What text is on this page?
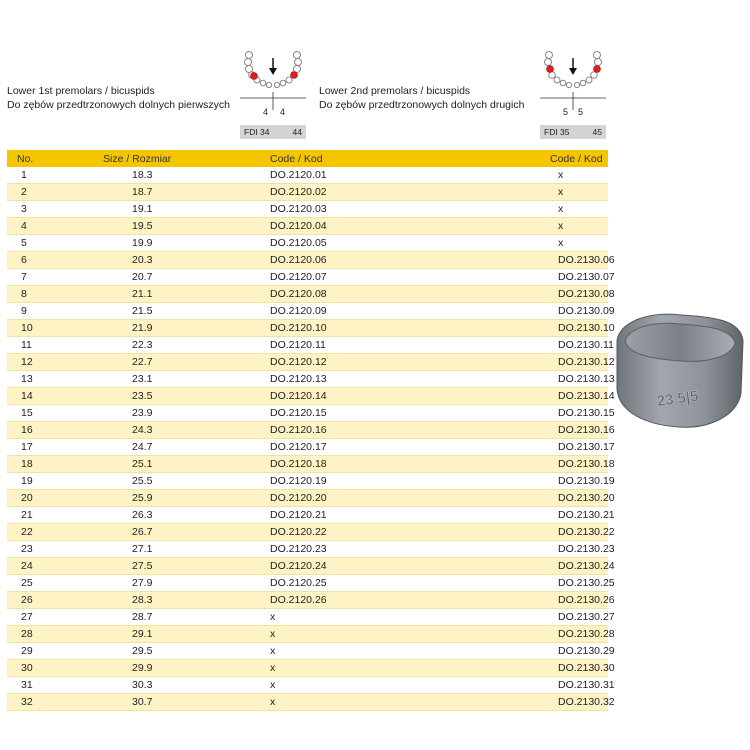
Lower 1st premolars / bicuspids
Do zębów przedtrzonowych dolnych pierwszych
4 4
FDI 34	44
Lower 2nd premolars / bicuspids
Do zębów przedtrzonowych dolnych drugich
5 5
FDI 35	45
No.	Size / Rozmiar	Code / Kod	Code / Kod
1	18.3	DO.2120.01	x
2	18.7	DO.2120.02	x
3	19.1	DO.2120.03	x
4	19.5	DO.2120.04	x
5	19.9	DO.2120.05	x
6	20.3	DO.2120.06	DO.2130.06
7	20.7	DO.2120.07	DO.2130.07
8	21.1	DO.2120.08	DO.2130.08
9	21.5	DO.2120.09	DO.2130.09
10	21.9	DO.2120.10	DO.2130.10
11	22.3	DO.2120.11	DO.2130.11
12	22.7	DO.2120.12	DO.2130.12
13	23.1	DO.2120.13	DO.2130.13
14	23.5	DO.2120.14	DO.2130.14
15	23.9	DO.2120.15	DO.2130.15
16	24.3	DO.2120.16	DO.2130.16
17	24.7	DO.2120.17	DO.2130.17
18	25.1	DO.2120.18	DO.2130.18
19	25.5	DO.2120.19	DO.2130.19
20	25.9	DO.2120.20	DO.2130.20
21	26.3	DO.2120.21	DO.2130.21
22	26.7	DO.2120.22	DO.2130.22
23	27.1	DO.2120.23	DO.2130.23
24	27.5	DO.2120.24	DO.2130.24
25	27.9	DO.2120.25	DO.2130.25
26	28.3	DO.2120.26	DO.2130.26
27	28.7	x	DO.2130.27
28	29.1	x	DO.2130.28
29	29.5	x	DO.2130.29
30	29.9	x	DO.2130.30
31	30.3	x	DO.2130.31
32	30.7	x	DO.2130.32
23 5|5
